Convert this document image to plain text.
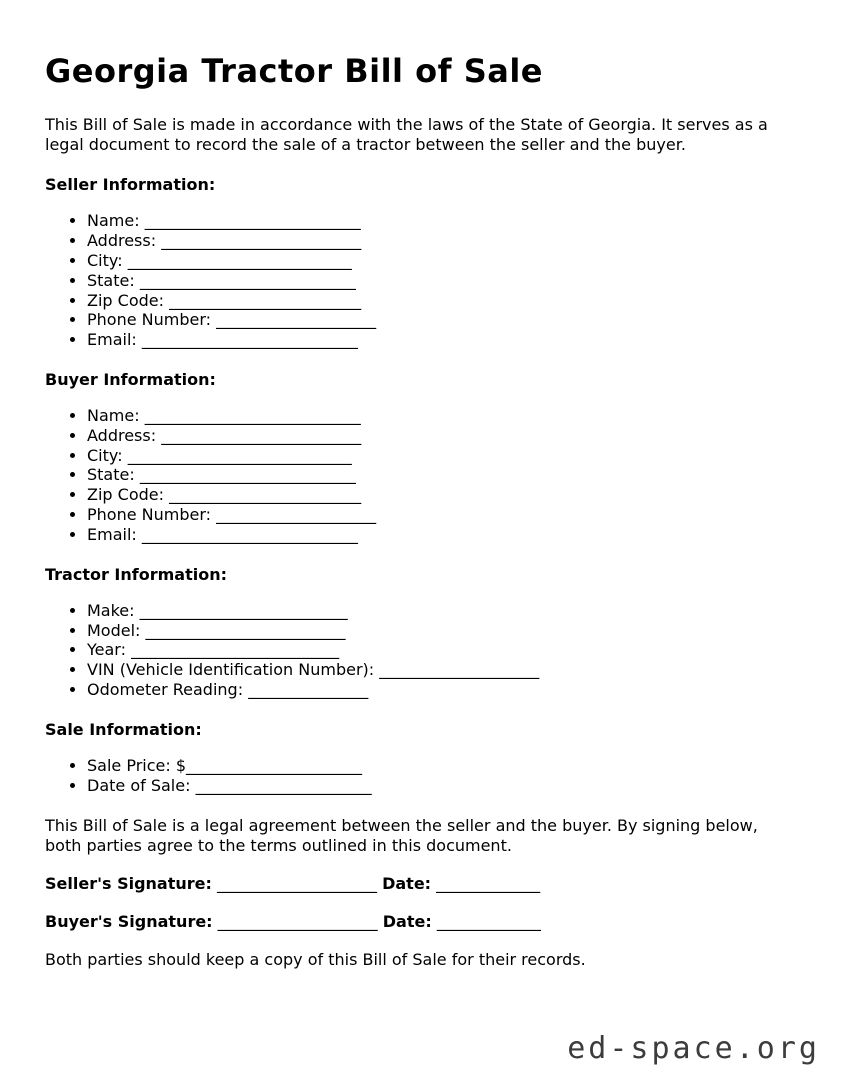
Georgia Tractor Bill of Sale

This Bill of Sale is made in accordance with the laws of the State of Georgia. It serves as a legal document to record the sale of a tractor between the seller and the buyer.

Seller Information:

• Name: ___________________________
• Address: _________________________
• City: ____________________________
• State: ___________________________
• Zip Code: ________________________
• Phone Number: ____________________
• Email: ___________________________

Buyer Information:

• Name: ___________________________
• Address: _________________________
• City: ____________________________
• State: ___________________________
• Zip Code: ________________________
• Phone Number: ____________________
• Email: ___________________________

Tractor Information:

• Make: __________________________
• Model: _________________________
• Year: __________________________
• VIN (Vehicle Identification Number): ____________________
• Odometer Reading: _______________

Sale Information:

• Sale Price: $______________________
• Date of Sale: ______________________

This Bill of Sale is a legal agreement between the seller and the buyer. By signing below, both parties agree to the terms outlined in this document.

Seller's Signature: ____________________ Date: _____________

Buyer's Signature: ____________________ Date: _____________

Both parties should keep a copy of this Bill of Sale for their records.

ed-space.org
